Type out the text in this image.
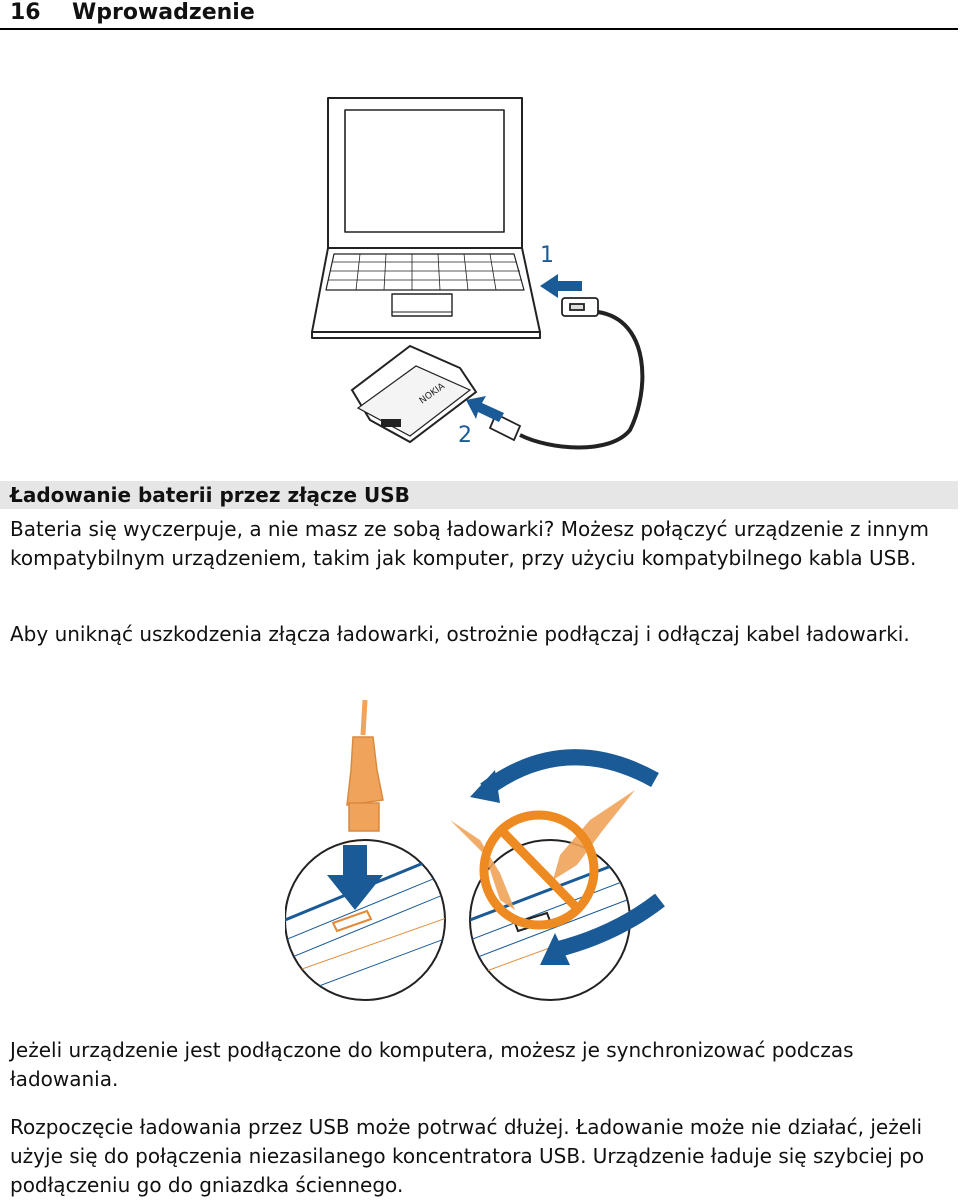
16 Wprowadzenie
1
NOKIA
2
Ładowanie baterii przez złącze USB

Bateria się wyczerpuje, a nie masz ze sobą ładowarki? Możesz połączyć urządzenie z innym kompatybilnym urządzeniem, takim jak komputer, przy użyciu kompatybilnego kabla USB.

Aby uniknąć uszkodzenia złącza ładowarki, ostrożnie podłączaj i odłączaj kabel ładowarki.

Jeżeli urządzenie jest podłączone do komputera, możesz je synchronizować podczas ładowania.

Rozpoczęcie ładowania przez USB może potrwać dłużej. Ładowanie może nie działać, jeżeli użyje się do połączenia niezasilanego koncentratora USB. Urządzenie ładuje się szybciej po podłączeniu go do gniazdka ściennego.
